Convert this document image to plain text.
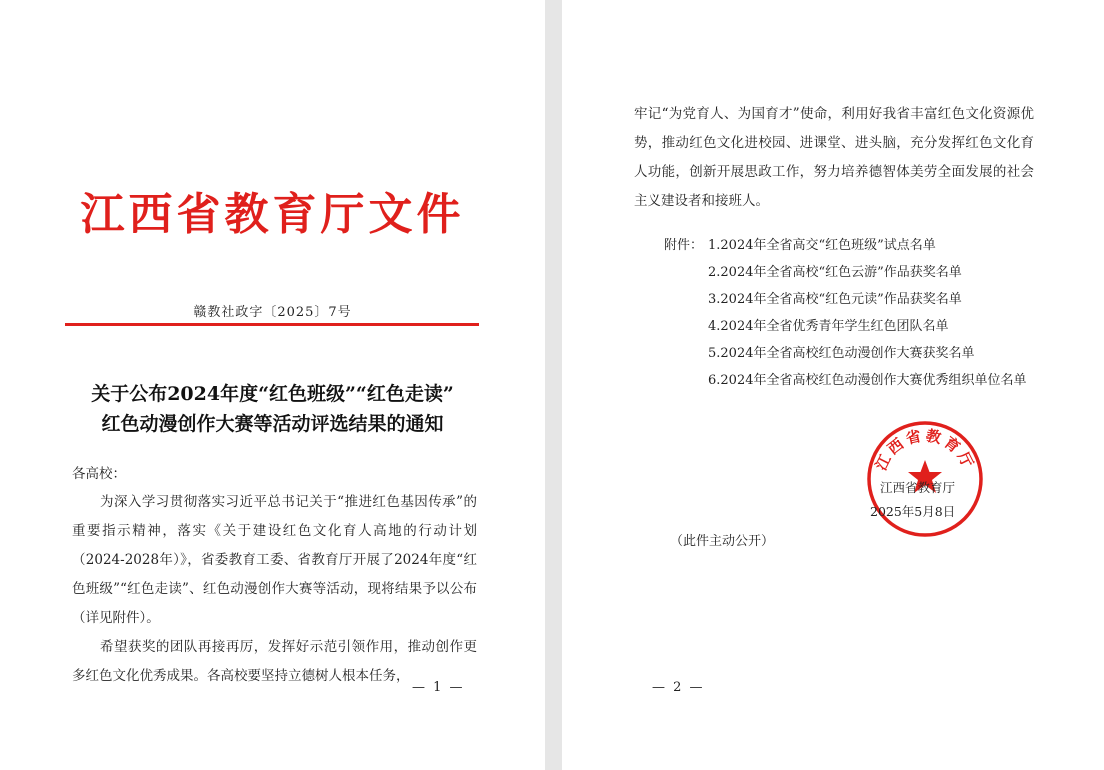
江西省教育厅文件
赣教社政字〔2025〕7号
关于公布2024年度“红色班级”“红色走读”
红色动漫创作大赛等活动评选结果的通知
各高校：

为深入学习贯彻落实习近平总书记关于“推进红色基因传承”的重要指示精神，落实《关于建设红色文化育人高地的行动计划（2024-2028年）》，省委教育工委、省教育厅开展了2024年度“红色班级”“红色走读”、红色动漫创作大赛等活动，现将结果予以公布（详见附件）。

希望获奖的团队再接再厉，发挥好示范引领作用，推动创作更多红色文化优秀成果。各高校要坚持立德树人根本任务，

— 1 —

牢记“为党育人、为国育才”使命，利用好我省丰富红色文化资源优势，推动红色文化进校园、进课堂、进头脑，充分发挥红色文化育人功能，创新开展思政工作，努力培养德智体美劳全面发展的社会主义建设者和接班人。

附件： 1.2024年全省高交“红色班级”试点名单
2.2024年全省高校“红色云游”作品获奖名单
3.2024年全省高校“红色元读”作品获奖名单
4.2024年全省优秀青年学生红色团队名单
5.2024年全省高校红色动漫创作大赛获奖名单
6.2024年全省高校红色动漫创作大赛优秀组织单位名单
江西省教育厅
江西省教育厅
2025年5月8日
（此件主动公开）
— 2 —
